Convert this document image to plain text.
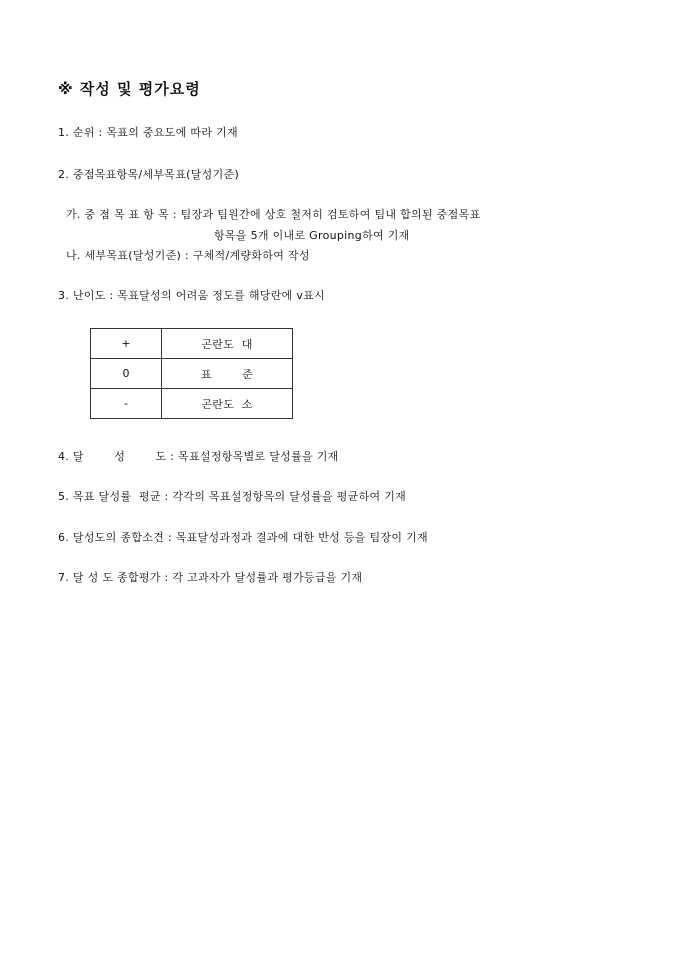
※ 작성 및 평가요령
1. 순위 : 목표의 중요도에 따라 기재
2. 중점목표항목/세부목표(달성기준)
가. 중 점 목 표 항 목 : 팀장과 팀원간에 상호 철저히 검토하여 팀내 합의된 중점목표
항목을 5개 이내로 Grouping하여 기재
나. 세부목표(달성기준) : 구체적/계량화하여 작성
3. 난이도 : 목표달성의 어려움 정도를 해당란에 v표시
+	곤란도  대
0	표        준
-	곤란도  소
4. 달        성        도 : 목표설정항목별로 달성률을 기재
5. 목표 달성률  평균 : 각각의 목표설정항목의 달성률을 평균하여 기재
6. 달성도의 종합소견 : 목표달성과정과 결과에 대한 반성 등을 팀장이 기재
7. 달 성 도 종합평가 : 각 고과자가 달성률과 평가등급을 기재
